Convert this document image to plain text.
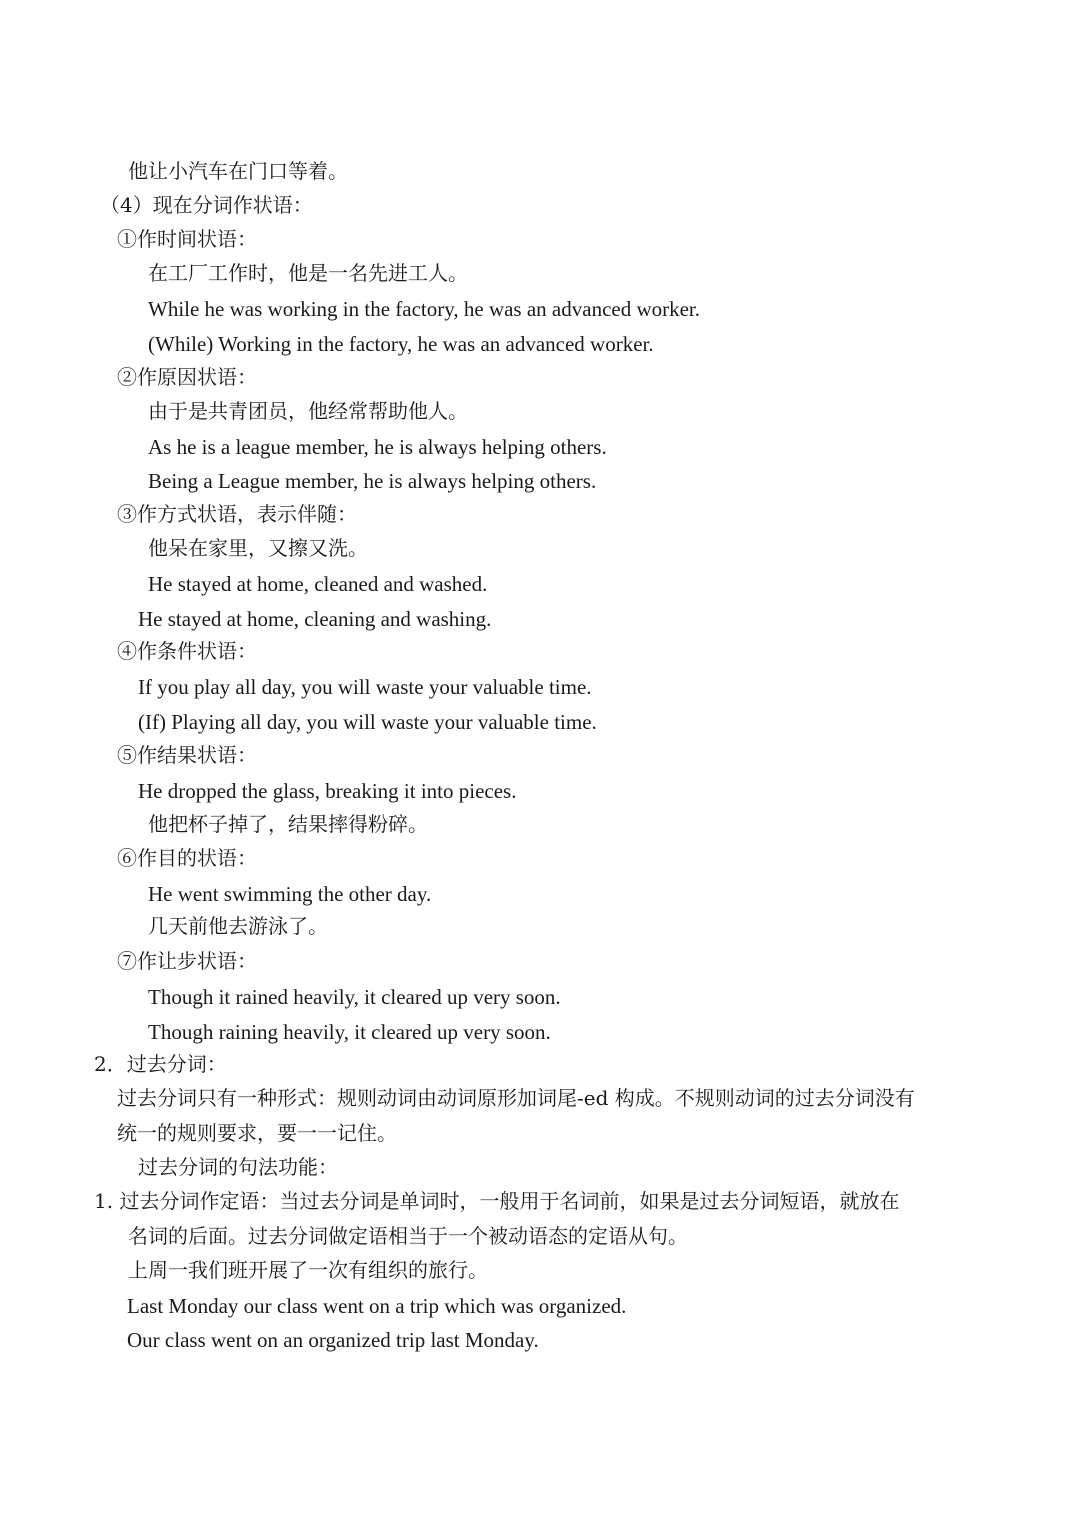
他让小汽车在门口等着。
（4）现在分词作状语：
①作时间状语：
在工厂工作时，他是一名先进工人。
While he was working in the factory, he was an advanced worker.
(While) Working in the factory, he was an advanced worker.
②作原因状语：
由于是共青团员，他经常帮助他人。
As he is a league member, he is always helping others.
Being a League member, he is always helping others.
③作方式状语，表示伴随：
他呆在家里，又擦又洗。
He stayed at home, cleaned and washed.
He stayed at home, cleaning and washing.
④作条件状语：
If you play all day, you will waste your valuable time.
(If) Playing all day, you will waste your valuable time.
⑤作结果状语：
He dropped the glass, breaking it into pieces.
他把杯子掉了，结果摔得粉碎。
⑥作目的状语：
He went swimming the other day.
几天前他去游泳了。
⑦作让步状语：
Though it rained heavily, it cleared up very soon.
Though raining heavily, it cleared up very soon.
2．过去分词：
过去分词只有一种形式：规则动词由动词原形加词尾-ed 构成。不规则动词的过去分词没有
统一的规则要求，要一一记住。
过去分词的句法功能：
1. 过去分词作定语：当过去分词是单词时，一般用于名词前，如果是过去分词短语，就放在
名词的后面。过去分词做定语相当于一个被动语态的定语从句。
上周一我们班开展了一次有组织的旅行。
Last Monday our class went on a trip which was organized.
Our class went on an organized trip last Monday.
